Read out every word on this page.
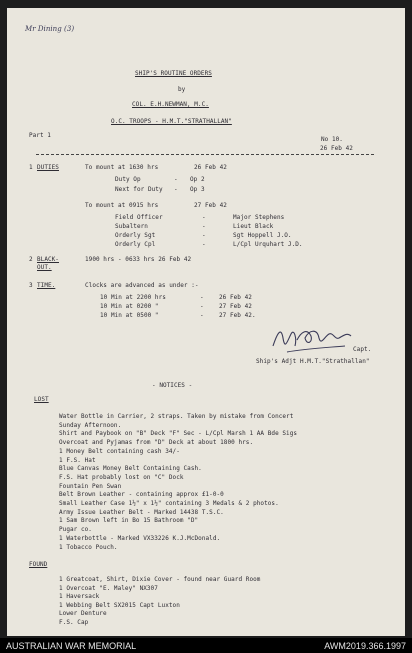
Mr Dining (3)
SHIP'S ROUTINE ORDERS
by
COL. E.H.NEWMAN, M.C.
O.C. TROOPS - H.M.T."STRATHALLAN"
Part 1
No 10.
26 Feb 42
1 DUTIES	To mount at 1630 hrs	26 Feb 42
Duty Op	- Op 2
Next for Duty - Op 3
To mount at 0915 hrs	27 Feb 42
Field Officer	-	Major Stephens
Subaltern	-	Lieut Black
Orderly Sgt	-	Sgt Hoppell J.O.
Orderly Cpl	-	L/Cpl Urquhart J.D.
2 BLACK-
OUT.
1900 hrs - 0633 hrs 26 Feb 42
3 TIME.	Clocks are advanced as under :-
10 Min at 2200 hrs	-	26 Feb 42
10 Min at 0200 "	-	27 Feb 42
10 Min at 0500 "	-	27 Feb 42.
Capt.
Ship's Adjt H.M.T."Strathallan"
- NOTICES -
LOST
Water Bottle in Carrier, 2 straps. Taken by mistake from Concert
Sunday Afternoon.
Shirt and Paybook on "B" Deck "F" Sec - L/Cpl Marsh 1 AA Bde Sigs
Overcoat and Pyjamas from "D" Deck at about 1800 hrs.
1 Money Belt containing cash 34/-
1 F.S. Hat
Blue Canvas Money Belt Containing Cash.
F.S. Hat probably lost on "C" Dock
Fountain Pen Swan
Belt Brown Leather - containing approx £1-0-0
Small Leather Case 1½" x 1½" containing 3 Medals & 2 photos.
Army Issue Leather Belt - Marked 14438 T.S.C.
1 Sam Brown left in Bo 15 Bathroom "D"
Pugar co.
1 Waterbottle - Marked VX33226 K.J.McDonald.
1 Tobacco Pouch.
FOUND
1 Greatcoat, Shirt, Dixie Cover - found near Guard Room
1 Overcoat "E. Maley" NX307
1 Haversack
1 Webbing Belt SX2015 Capt Luxton
Lower Denture
F.S. Cap
AUSTRALIAN WAR MEMORIAL	AWM2019.366.1997
